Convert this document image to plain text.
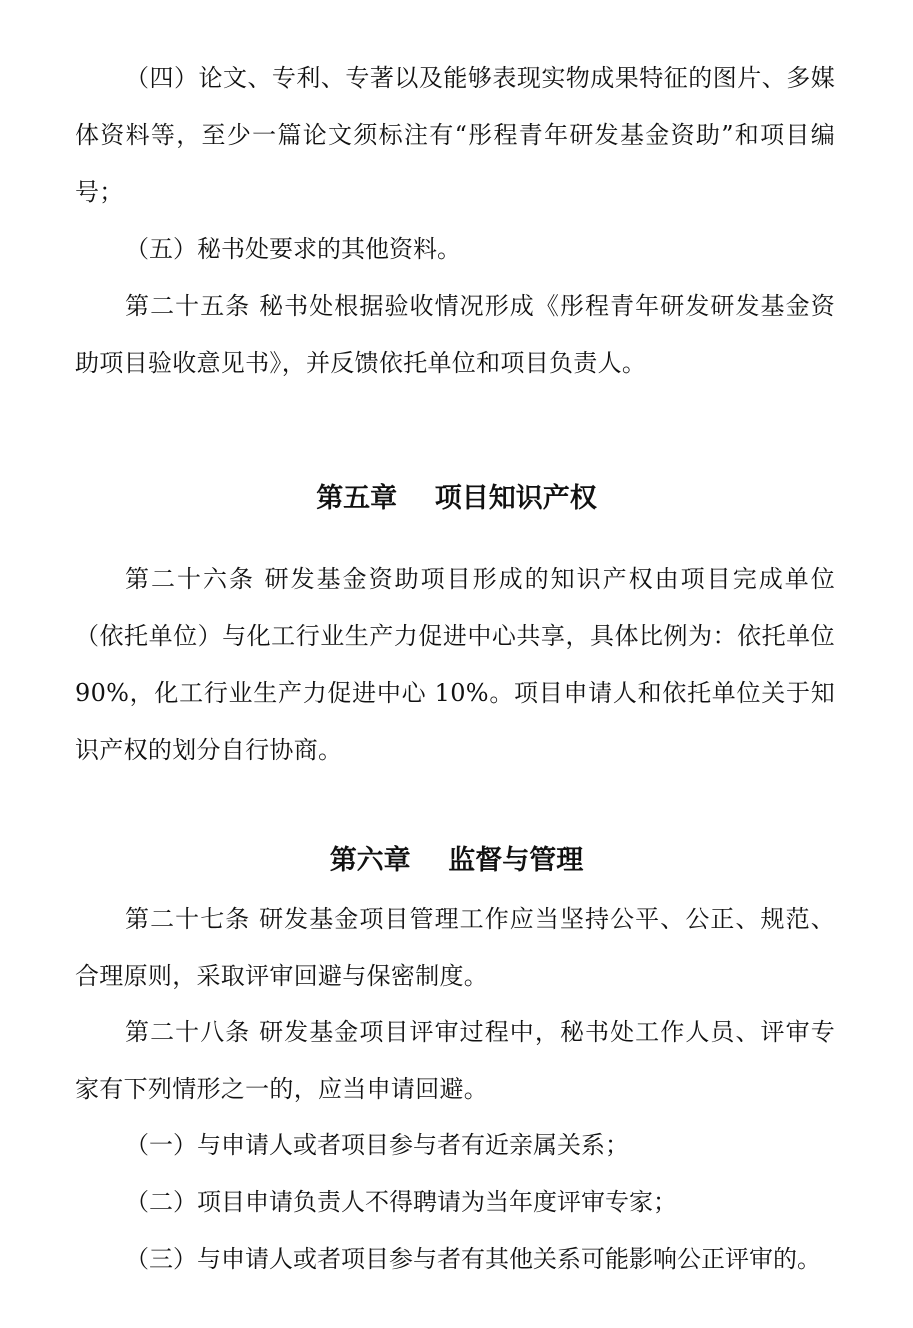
（四）论文、专利、专著以及能够表现实物成果特征的图片、多媒体资料等，至少一篇论文须标注有“彤程青年研发基金资助”和项目编号；

（五）秘书处要求的其他资料。

第二十五条 秘书处根据验收情况形成《彤程青年研发研发基金资助项目验收意见书》，并反馈依托单位和项目负责人。

第五章    项目知识产权

第二十六条 研发基金资助项目形成的知识产权由项目完成单位（依托单位）与化工行业生产力促进中心共享，具体比例为：依托单位 90%，化工行业生产力促进中心 10%。项目申请人和依托单位关于知识产权的划分自行协商。

第六章    监督与管理

第二十七条 研发基金项目管理工作应当坚持公平、公正、规范、合理原则，采取评审回避与保密制度。

第二十八条 研发基金项目评审过程中，秘书处工作人员、评审专家有下列情形之一的，应当申请回避。

（一）与申请人或者项目参与者有近亲属关系；

（二）项目申请负责人不得聘请为当年度评审专家；

（三）与申请人或者项目参与者有其他关系可能影响公正评审的。
